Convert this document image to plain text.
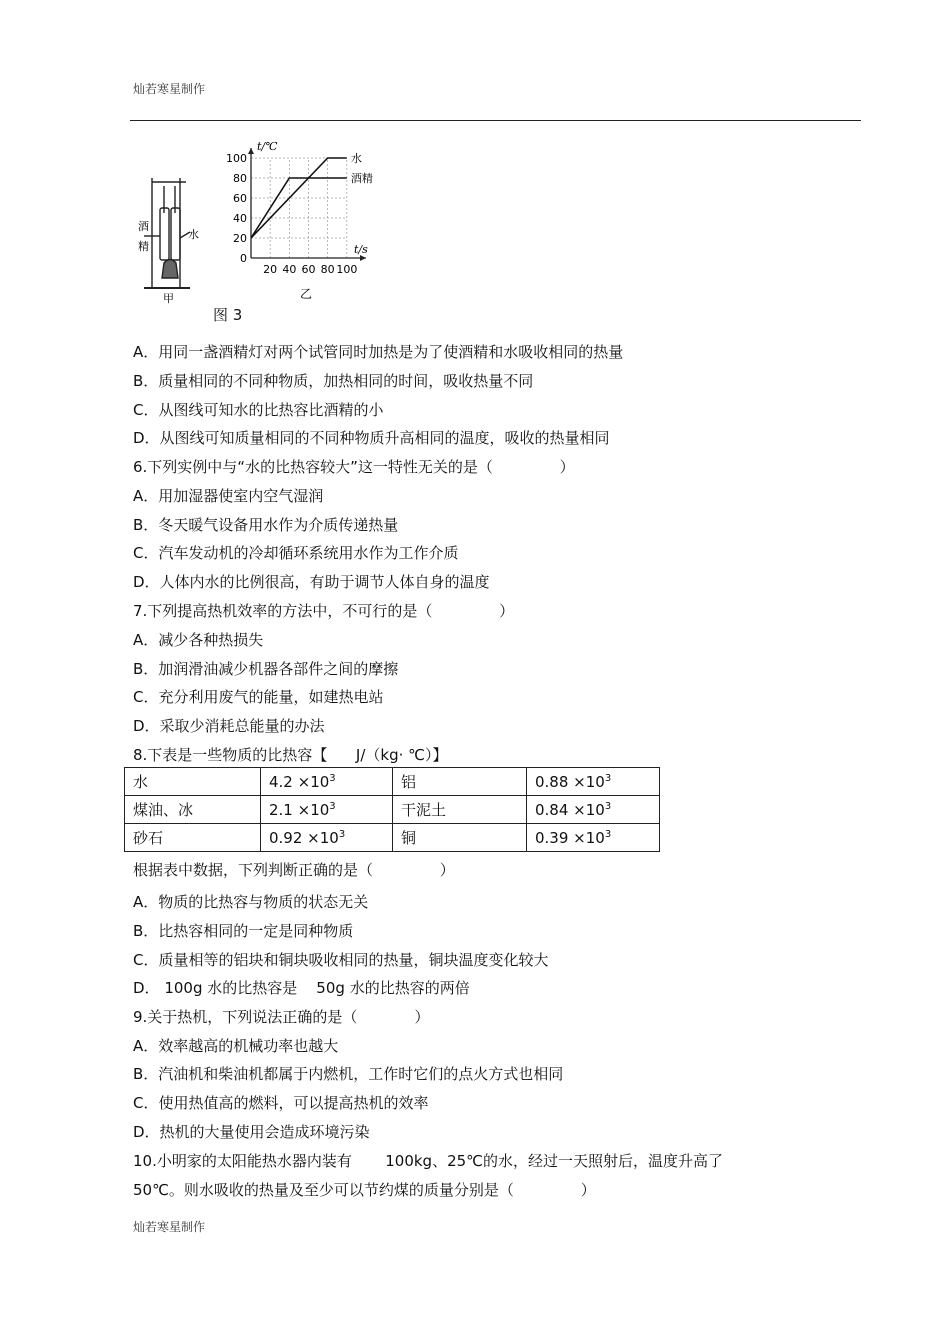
灿若寒星制作
酒
精
水
甲
20
40
60
80
100
20 40 60 80 100
0
t/℃
t/s
水
酒精
乙
图 3
A．用同一盏酒精灯对两个试管同时加热是为了使酒精和水吸收相同的热量
B．质量相同的不同种物质，加热相同的时间，吸收热量不同
C．从图线可知水的比热容比酒精的小
D．从图线可知质量相同的不同种物质升高相同的温度，吸收的热量相同
6.下列实例中与“水的比热容较大”这一特性无关的是（              ）
A．用加湿器使室内空气湿润
B．冬天暖气设备用水作为介质传递热量
C．汽车发动机的冷却循环系统用水作为工作介质
D．人体内水的比例很高，有助于调节人体自身的温度
7.下列提高热机效率的方法中，不可行的是（              ）
A．减少各种热损失
B．加润滑油减少机器各部件之间的摩擦
C．充分利用废气的能量，如建热电站
D．采取少消耗总能量的办法
8.下表是一些物质的比热容【      J/（kg· ℃）】
水	$4.2 \times 10^3$	铝	$0.88 \times 10^3$
煤油、冰	$2.1 \times 10^3$	干泥土	$0.84 \times 10^3$
砂石	$0.92 \times 10^3$	铜	$0.39 \times 10^3$
根据表中数据，下列判断正确的是（              ）
A．物质的比热容与物质的状态无关
B．比热容相同的一定是同种物质
C．质量相等的铝块和铜块吸收相同的热量，铜块温度变化较大
D． 100g 水的比热容是    50g 水的比热容的两倍
9.关于热机，下列说法正确的是（            ）
A．效率越高的机械功率也越大
B．汽油机和柴油机都属于内燃机，工作时它们的点火方式也相同
C．使用热值高的燃料，可以提高热机的效率
D．热机的大量使用会造成环境污染
10.小明家的太阳能热水器内装有       100kg、25℃的水，经过一天照射后，温度升高了
50℃。则水吸收的热量及至少可以节约煤的质量分别是（              ）
灿若寒星制作
